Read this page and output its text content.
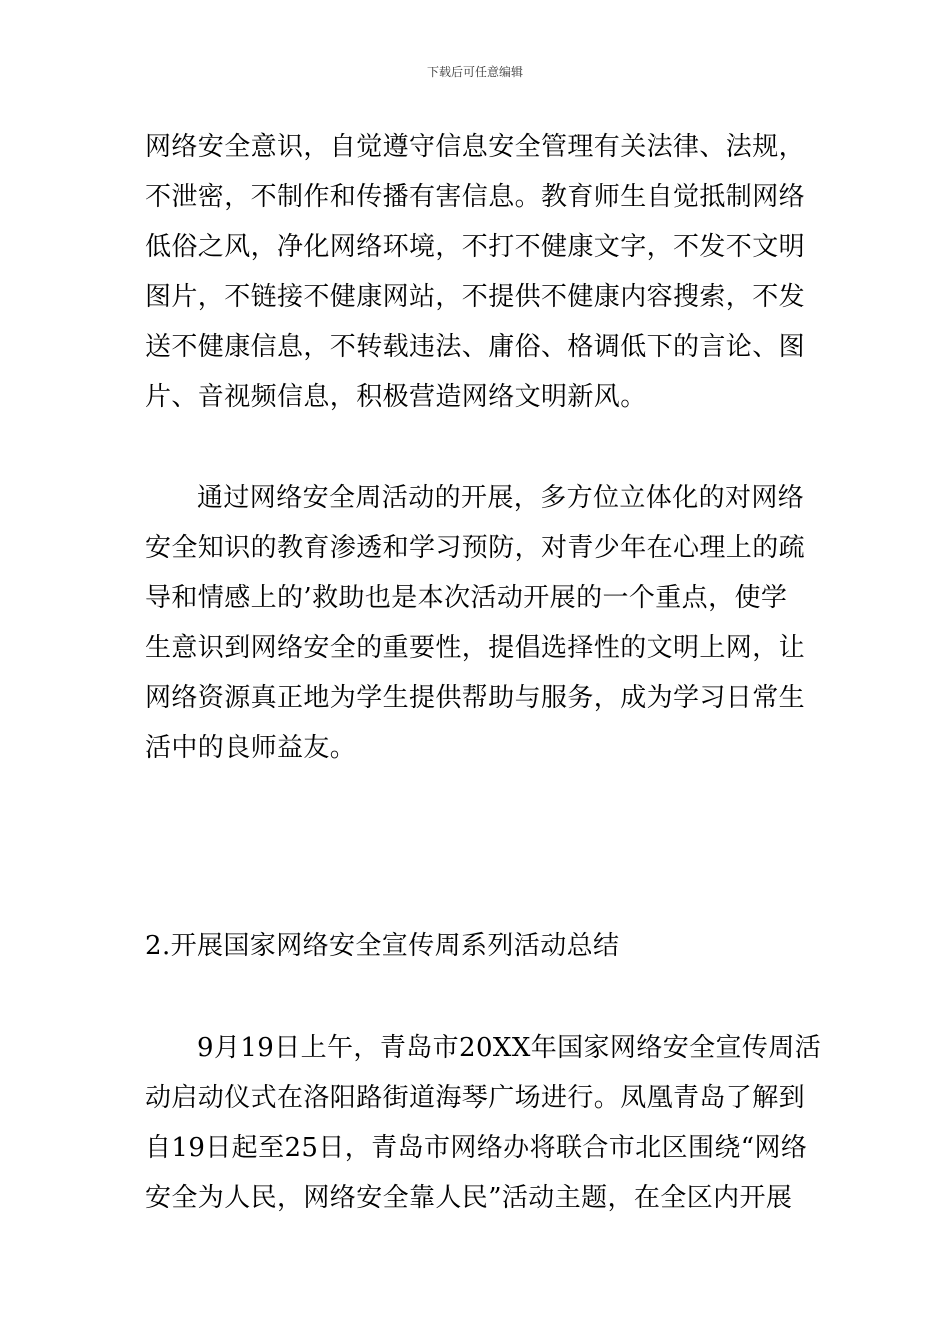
下载后可任意编辑
网络安全意识，自觉遵守信息安全管理有关法律、法规，
不泄密，不制作和传播有害信息。教育师生自觉抵制网络
低俗之风，净化网络环境，不打不健康文字，不发不文明
图片，不链接不健康网站，不提供不健康内容搜索，不发
送不健康信息，不转载违法、庸俗、格调低下的言论、图
片、音视频信息，积极营造网络文明新风。
通过网络安全周活动的开展，多方位立体化的对网络
安全知识的教育渗透和学习预防，对青少年在心理上的疏
导和情感上的’救助也是本次活动开展的一个重点，使学
生意识到网络安全的重要性，提倡选择性的文明上网，让
网络资源真正地为学生提供帮助与服务，成为学习日常生
活中的良师益友。
2.开展国家网络安全宣传周系列活动总结
9月19日上午，青岛市20XX年国家网络安全宣传周活
动启动仪式在洛阳路街道海琴广场进行。凤凰青岛了解到
自19日起至25日，青岛市网络办将联合市北区围绕“网络
安全为人民，网络安全靠人民”活动主题，在全区内开展
